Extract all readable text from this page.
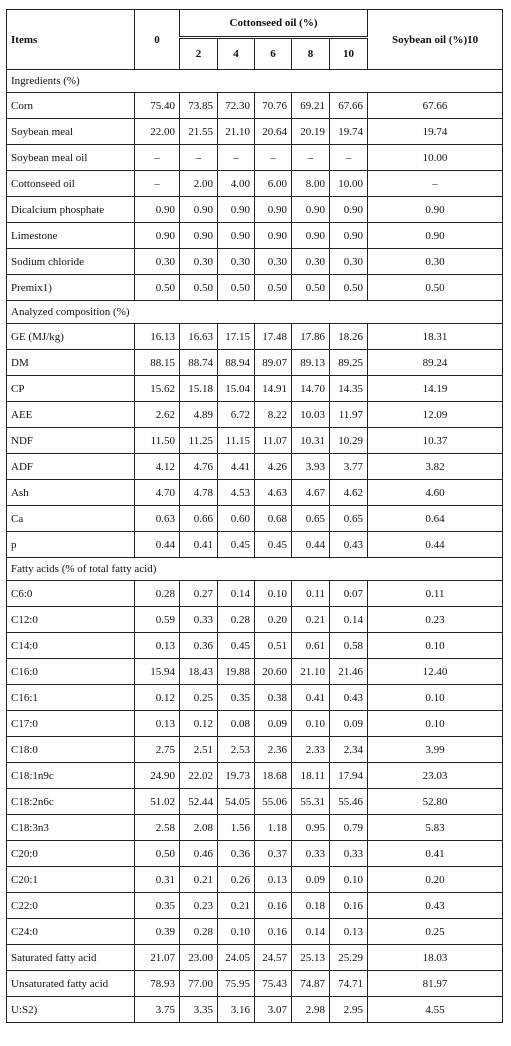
Items	0	Cottonseed oil (%)					Soybean oil (%)10
		2	4	6	8	10	
Ingredients (%)							
Corn	75.40	73.85	72.30	70.76	69.21	67.66	67.66
Soybean meal	22.00	21.55	21.10	20.64	20.19	19.74	19.74
Soybean meal oil	–	–	–	–	–	–	10.00
Cottonseed oil	–	2.00	4.00	6.00	8.00	10.00	–
Dicalcium phosphate	0.90	0.90	0.90	0.90	0.90	0.90	0.90
Limestone	0.90	0.90	0.90	0.90	0.90	0.90	0.90
Sodium chloride	0.30	0.30	0.30	0.30	0.30	0.30	0.30
Premix1)	0.50	0.50	0.50	0.50	0.50	0.50	0.50
Analyzed composition (%)							
GE (MJ/kg)	16.13	16.63	17.15	17.48	17.86	18.26	18.31
DM	88.15	88.74	88.94	89.07	89.13	89.25	89.24
CP	15.62	15.18	15.04	14.91	14.70	14.35	14.19
AEE	2.62	4.89	6.72	8.22	10.03	11.97	12.09
NDF	11.50	11.25	11.15	11.07	10.31	10.29	10.37
ADF	4.12	4.76	4.41	4.26	3.93	3.77	3.82
Ash	4.70	4.78	4.53	4.63	4.67	4.62	4.60
Ca	0.63	0.66	0.60	0.68	0.65	0.65	0.64
p	0.44	0.41	0.45	0.45	0.44	0.43	0.44
Fatty acids (% of total fatty acid)							
C6:0	0.28	0.27	0.14	0.10	0.11	0.07	0.11
C12:0	0.59	0.33	0.28	0.20	0.21	0.14	0.23
C14:0	0.13	0.36	0.45	0.51	0.61	0.58	0.10
C16:0	15.94	18.43	19.88	20.60	21.10	21.46	12.40
C16:1	0.12	0.25	0.35	0.38	0.41	0.43	0.10
C17:0	0.13	0.12	0.08	0.09	0.10	0.09	0.10
C18:0	2.75	2.51	2.53	2.36	2.33	2.34	3.99
C18:1n9c	24.90	22.02	19.73	18.68	18.11	17.94	23.03
C18:2n6c	51.02	52.44	54.05	55.06	55.31	55.46	52.80
C18:3n3	2.58	2.08	1.56	1.18	0.95	0.79	5.83
C20:0	0.50	0.46	0.36	0.37	0.33	0.33	0.41
C20:1	0.31	0.21	0.26	0.13	0.09	0.10	0.20
C22:0	0.35	0.23	0.21	0.16	0.18	0.16	0.43
C24:0	0.39	0.28	0.10	0.16	0.14	0.13	0.25
Saturated fatty acid	21.07	23.00	24.05	24.57	25.13	25.29	18.03
Unsaturated fatty acid	78.93	77.00	75.95	75.43	74.87	74.71	81.97
U:S2)	3.75	3.35	3.16	3.07	2.98	2.95	4.55
